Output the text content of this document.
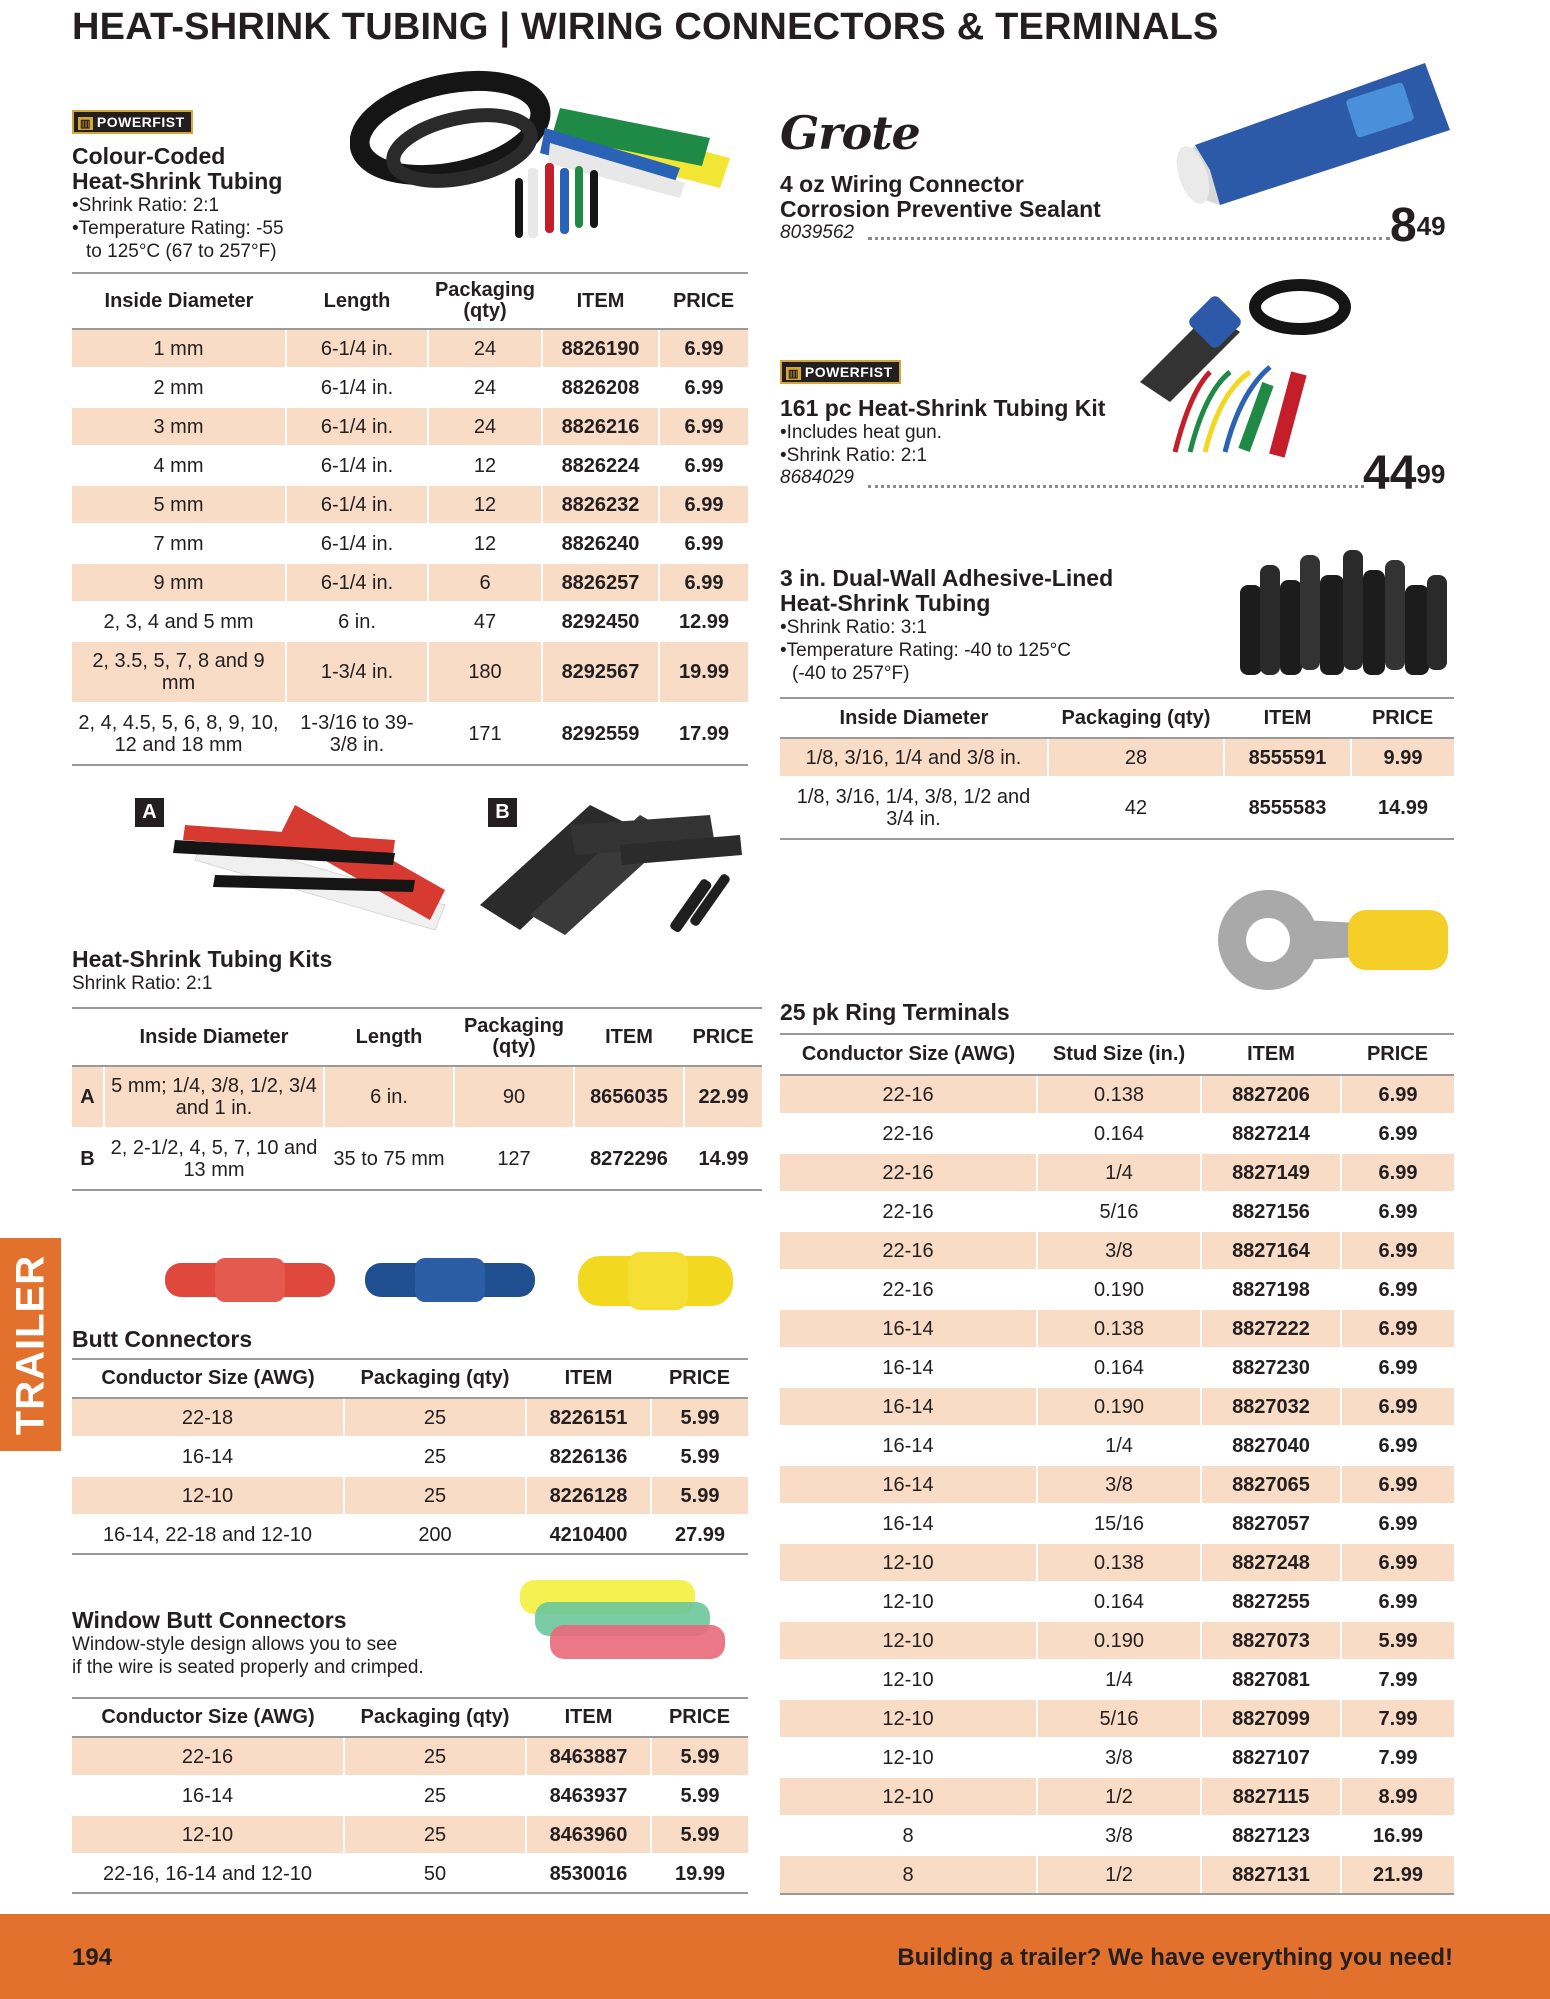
HEAT-SHRINK TUBING | WIRING CONNECTORS & TERMINALS
TRAILER
▥ POWERFIST
Colour-Coded
Heat-Shrink Tubing
•Shrink Ratio: 2:1
•Temperature Rating: -55
to 125°C (67 to 257°F)
Inside Diameter	Length	Packaging (qty)	ITEM	PRICE
1 mm	6-1/4 in.	24	8826190	6.99
2 mm	6-1/4 in.	24	8826208	6.99
3 mm	6-1/4 in.	24	8826216	6.99
4 mm	6-1/4 in.	12	8826224	6.99
5 mm	6-1/4 in.	12	8826232	6.99
7 mm	6-1/4 in.	12	8826240	6.99
9 mm	6-1/4 in.	6	8826257	6.99
2, 3, 4 and 5 mm	6 in.	47	8292450	12.99
2, 3.5, 5, 7, 8 and 9 mm	1-3/4 in.	180	8292567	19.99
2, 4, 4.5, 5, 6, 8, 9, 10, 12 and 18 mm	1-3/16 to 39-3/8 in.	171	8292559	17.99
A	B
Heat-Shrink Tubing Kits
Shrink Ratio: 2:1
	Inside Diameter	Length	Packaging (qty)	ITEM	PRICE
A	5 mm; 1/4, 3/8, 1/2, 3/4 and 1 in.	6 in.	90	8656035	22.99
B	2, 2-1/2, 4, 5, 7, 10 and 13 mm	35 to 75 mm	127	8272296	14.99
Butt Connectors
Conductor Size (AWG)	Packaging (qty)	ITEM	PRICE
22-18	25	8226151	5.99
16-14	25	8226136	5.99
12-10	25	8226128	5.99
16-14, 22-18 and 12-10	200	4210400	27.99
Window Butt Connectors
Window-style design allows you to see
if the wire is seated properly and crimped.
Conductor Size (AWG)	Packaging (qty)	ITEM	PRICE
22-16	25	8463887	5.99
16-14	25	8463937	5.99
12-10	25	8463960	5.99
22-16, 16-14 and 12-10	50	8530016	19.99
Grote
4 oz Wiring Connector
Corrosion Preventive Sealant
8039562	$8^{49}$
▥ POWERFIST
161 pc Heat-Shrink Tubing Kit
•Includes heat gun.
•Shrink Ratio: 2:1
8684029	$44^{99}$
3 in. Dual-Wall Adhesive-Lined
Heat-Shrink Tubing
•Shrink Ratio: 3:1
•Temperature Rating: -40 to 125°C
(-40 to 257°F)
Inside Diameter	Packaging (qty)	ITEM	PRICE
1/8, 3/16, 1/4 and 3/8 in.	28	8555591	9.99
1/8, 3/16, 1/4, 3/8, 1/2 and 3/4 in.	42	8555583	14.99
25 pk Ring Terminals
Conductor Size (AWG)	Stud Size (in.)	ITEM	PRICE
22-16	0.138	8827206	6.99
22-16	0.164	8827214	6.99
22-16	1/4	8827149	6.99
22-16	5/16	8827156	6.99
22-16	3/8	8827164	6.99
22-16	0.190	8827198	6.99
16-14	0.138	8827222	6.99
16-14	0.164	8827230	6.99
16-14	0.190	8827032	6.99
16-14	1/4	8827040	6.99
16-14	3/8	8827065	6.99
16-14	15/16	8827057	6.99
12-10	0.138	8827248	6.99
12-10	0.164	8827255	6.99
12-10	0.190	8827073	5.99
12-10	1/4	8827081	7.99
12-10	5/16	8827099	7.99
12-10	3/8	8827107	7.99
12-10	1/2	8827115	8.99
8	3/8	8827123	16.99
8	1/2	8827131	21.99
194	Building a trailer? We have everything you need!
